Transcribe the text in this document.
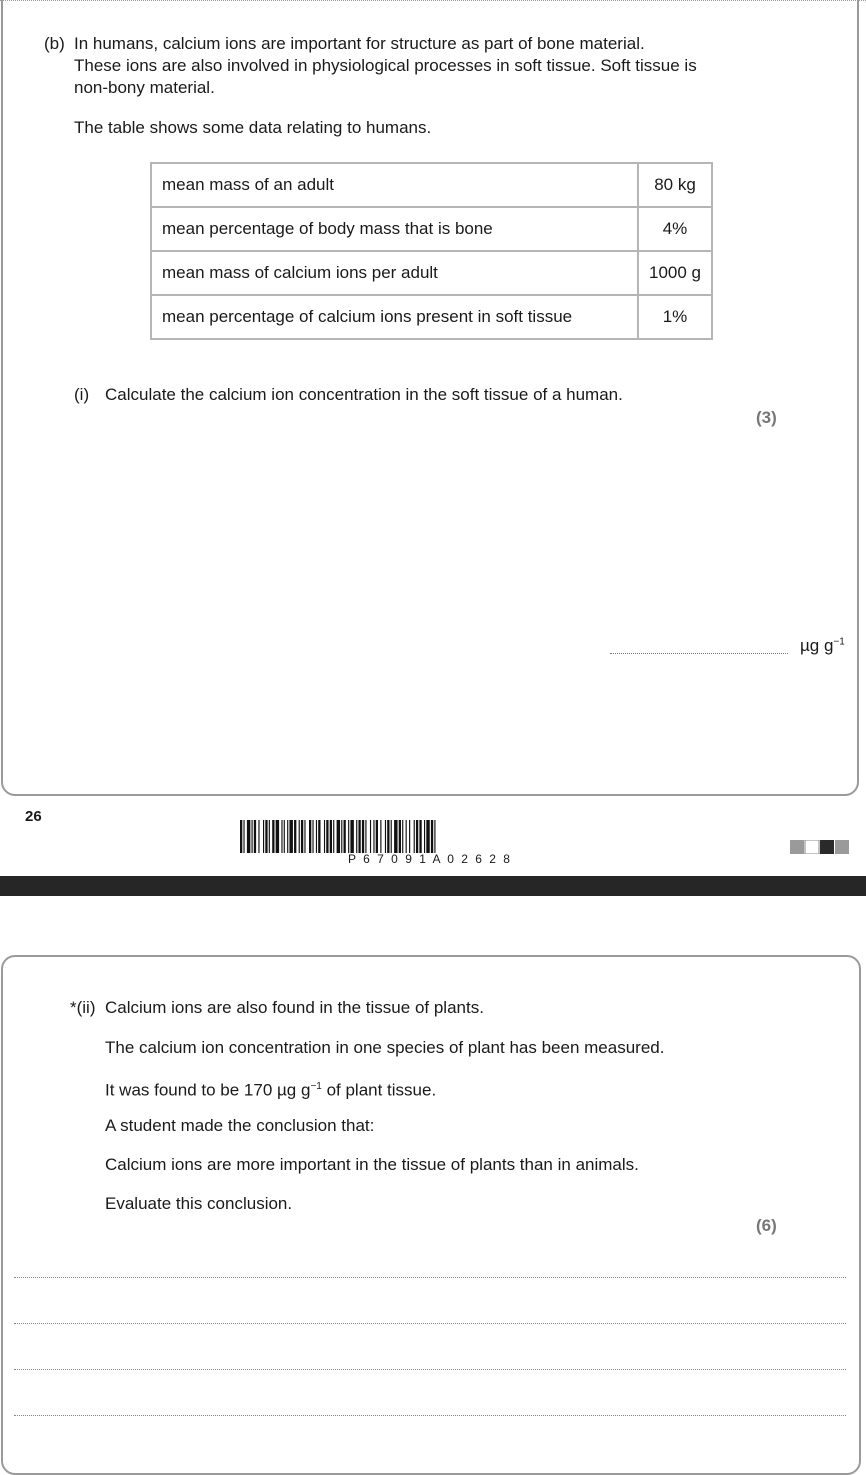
(b) In humans, calcium ions are important for structure as part of bone material.
These ions are also involved in physiological processes in soft tissue. Soft tissue is
non-bony material.
The table shows some data relating to humans.
mean mass of an adult	80 kg
mean percentage of body mass that is bone	4%
mean mass of calcium ions per adult	1000 g
mean percentage of calcium ions present in soft tissue	1%
(i) Calculate the calcium ion concentration in the soft tissue of a human.
(3)
µg $g^{-1}$
26
P 6 7 0 9 1 A 0 2 6 2 8
*(ii) Calcium ions are also found in the tissue of plants.
The calcium ion concentration in one species of plant has been measured.
It was found to be 170 µg $g^{-1}$ of plant tissue.
A student made the conclusion that:
Calcium ions are more important in the tissue of plants than in animals.
Evaluate this conclusion.
(6)
